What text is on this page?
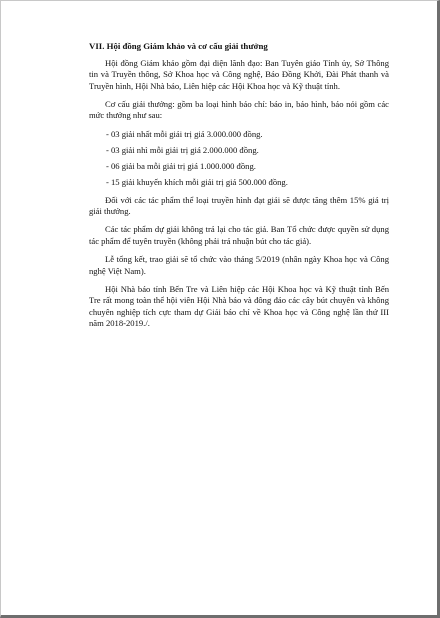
VII. Hội đồng Giám khảo và cơ cấu giải thưởng

Hội đồng Giám khảo gồm đại diện lãnh đạo: Ban Tuyên giáo Tỉnh ủy, Sở Thông tin và Truyền thông, Sở Khoa học và Công nghệ, Báo Đồng Khởi, Đài Phát thanh và Truyền hình, Hội Nhà báo, Liên hiệp các Hội Khoa học và Kỹ thuật tỉnh.

Cơ cấu giải thưởng: gồm ba loại hình báo chí: báo in, báo hình, báo nói gồm các mức thưởng như sau:

- 03 giải nhất mỗi giải trị giá 3.000.000 đồng.
- 03 giải nhì mỗi giải trị giá 2.000.000 đồng.
- 06 giải ba mỗi giải trị giá 1.000.000 đồng.
- 15 giải khuyến khích mỗi giải trị giá 500.000 đồng.

Đối với các tác phẩm thể loại truyền hình đạt giải sẽ được tăng thêm 15% giá trị giải thưởng.

Các tác phẩm dự giải không trả lại cho tác giả. Ban Tổ chức được quyền sử dụng tác phẩm để tuyên truyền (không phải trả nhuận bút cho tác giả).

Lễ tổng kết, trao giải sẽ tổ chức vào tháng 5/2019 (nhân ngày Khoa học và Công nghệ Việt Nam).

Hội Nhà báo tỉnh Bến Tre và Liên hiệp các Hội Khoa học và Kỹ thuật tỉnh Bến Tre rất mong toàn thể hội viên Hội Nhà báo và đông đảo các cây bút chuyên và không chuyên nghiệp tích cực tham dự Giải báo chí về Khoa học và Công nghệ lần thứ III năm 2018-2019./.
